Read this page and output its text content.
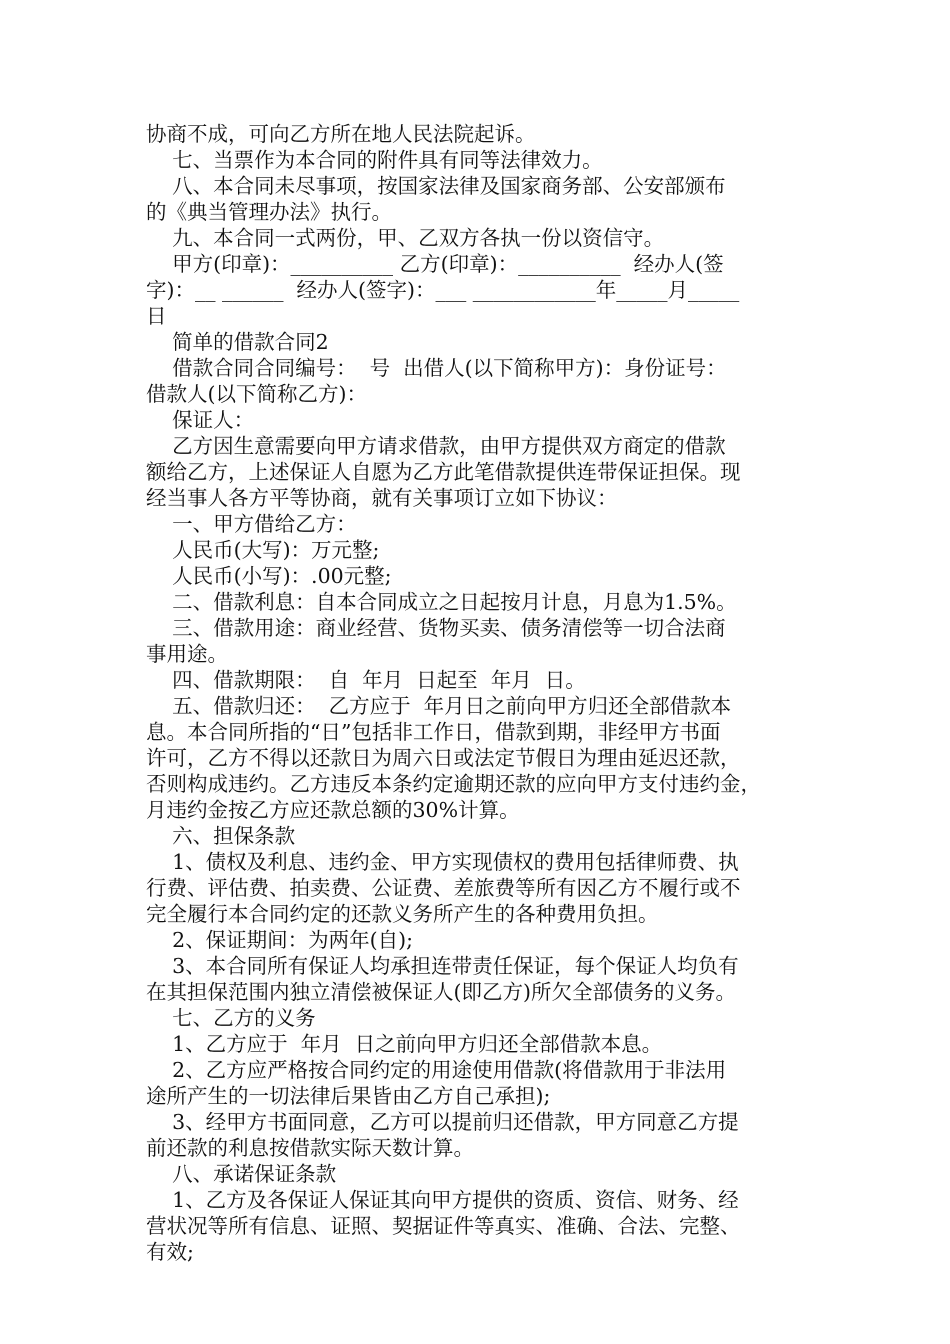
协商不成，可向乙方所在地人民法院起诉。
七、当票作为本合同的附件具有同等法律效力。
八、本合同未尽事项，按国家法律及国家商务部、公安部颁布
的《典当管理办法》执行。
九、本合同一式两份，甲、乙双方各执一份以资信守。
甲方(印章)：__________ 乙方(印章)：__________  经办人(签
字)：__ ______  经办人(签字)：___ ____________年_____月_____
日
简单的借款合同2
借款合同合同编号：  号  出借人(以下简称甲方)：身份证号：
借款人(以下简称乙方)：
保证人：
乙方因生意需要向甲方请求借款，由甲方提供双方商定的借款
额给乙方，上述保证人自愿为乙方此笔借款提供连带保证担保。现
经当事人各方平等协商，就有关事项订立如下协议：
一、甲方借给乙方：
人民币(大写)：万元整;
人民币(小写)：.00元整;
二、借款利息：自本合同成立之日起按月计息，月息为1.5%。
三、借款用途：商业经营、货物买卖、债务清偿等一切合法商
事用途。
四、借款期限：  自  年月  日起至  年月  日。
五、借款归还：  乙方应于  年月日之前向甲方归还全部借款本
息。本合同所指的“日”包括非工作日，借款到期，非经甲方书面
许可，乙方不得以还款日为周六日或法定节假日为理由延迟还款，
否则构成违约。乙方违反本条约定逾期还款的应向甲方支付违约金，
月违约金按乙方应还款总额的30%计算。
六、担保条款
1、债权及利息、违约金、甲方实现债权的费用包括律师费、执
行费、评估费、拍卖费、公证费、差旅费等所有因乙方不履行或不
完全履行本合同约定的还款义务所产生的各种费用负担。
2、保证期间：为两年(自);
3、本合同所有保证人均承担连带责任保证，每个保证人均负有
在其担保范围内独立清偿被保证人(即乙方)所欠全部债务的义务。
七、乙方的义务
1、乙方应于  年月  日之前向甲方归还全部借款本息。
2、乙方应严格按合同约定的用途使用借款(将借款用于非法用
途所产生的一切法律后果皆由乙方自己承担);
3、经甲方书面同意，乙方可以提前归还借款，甲方同意乙方提
前还款的利息按借款实际天数计算。
八、承诺保证条款
1、乙方及各保证人保证其向甲方提供的资质、资信、财务、经
营状况等所有信息、证照、契据证件等真实、准确、合法、完整、
有效;
